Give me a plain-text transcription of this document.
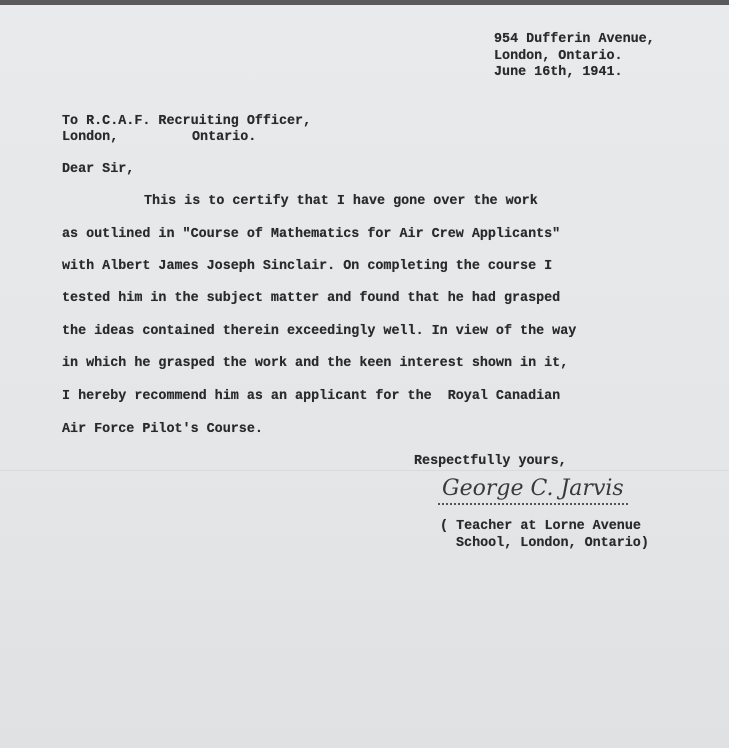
954 Dufferin Avenue,
London, Ontario.
June 16th, 1941.
To R.C.A.F. Recruiting Officer,
London,	Ontario.
Dear Sir,
This is to certify that I have gone over the work
as outlined in "Course of Mathematics for Air Crew Applicants"
with Albert James Joseph Sinclair. On completing the course I
tested him in the subject matter and found that he had grasped
the ideas contained therein exceedingly well. In view of the way
in which he grasped the work and the keen interest shown in it,
I hereby recommend him as an applicant for the  Royal Canadian
Air Force Pilot's Course.
Respectfully yours,
George C. Jarvis
( Teacher at Lorne Avenue
School, London, Ontario)
